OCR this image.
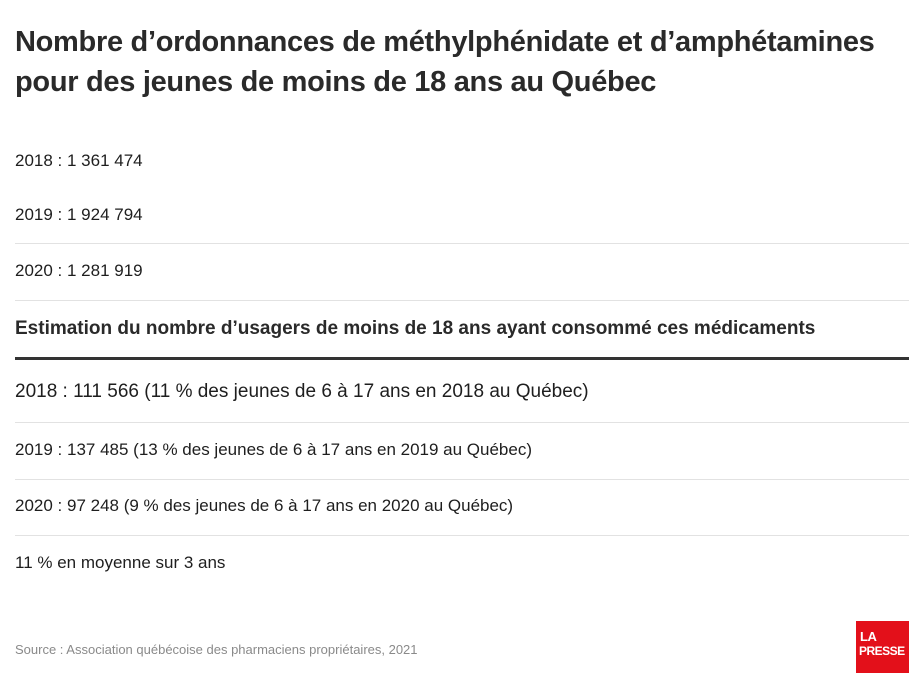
Nombre d’ordonnances de méthylphénidate et d’amphétamines pour des jeunes de moins de 18 ans au Québec
2018 : 1 361 474
2019 : 1 924 794
2020 : 1 281 919
Estimation du nombre d’usagers de moins de 18 ans ayant consommé ces médicaments
2018 : 111 566 (11 % des jeunes de 6 à 17 ans en 2018 au Québec)
2019 : 137 485 (13 % des jeunes de 6 à 17 ans en 2019 au Québec)
2020 : 97 248 (9 % des jeunes de 6 à 17 ans en 2020 au Québec)
11 % en moyenne sur 3 ans
Source : Association québécoise des pharmaciens propriétaires, 2021
LA
PRESSE
